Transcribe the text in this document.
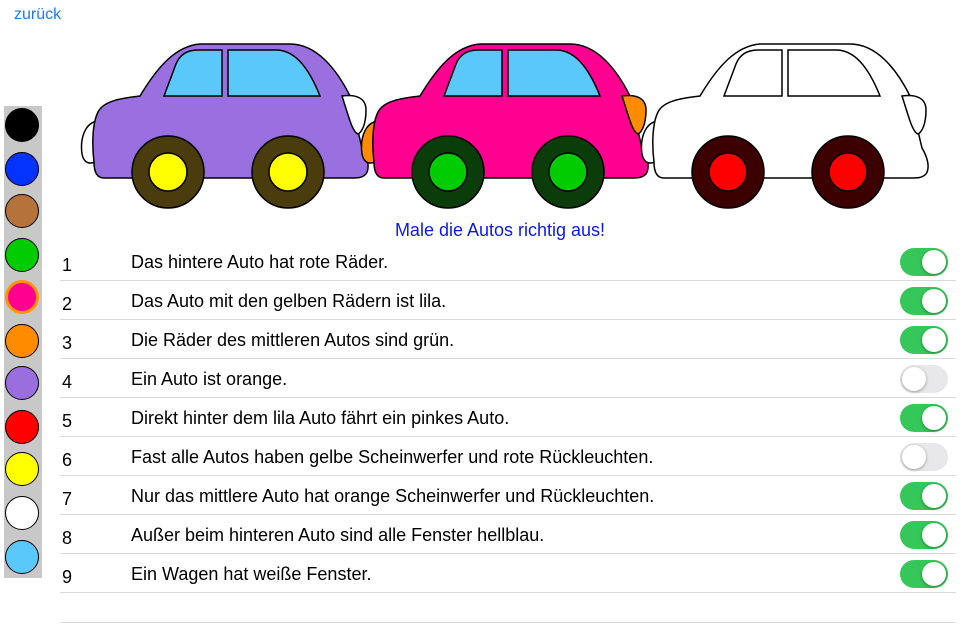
zurück
Male die Autos richtig aus!
1	Das hintere Auto hat rote Räder.
2	Das Auto mit den gelben Rädern ist lila.
3	Die Räder des mittleren Autos sind grün.
4	Ein Auto ist orange.
5	Direkt hinter dem lila Auto fährt ein pinkes Auto.
6	Fast alle Autos haben gelbe Scheinwerfer und rote Rückleuchten.
7	Nur das mittlere Auto hat orange Scheinwerfer und Rückleuchten.
8	Außer beim hinteren Auto sind alle Fenster hellblau.
9	Ein Wagen hat weiße Fenster.
